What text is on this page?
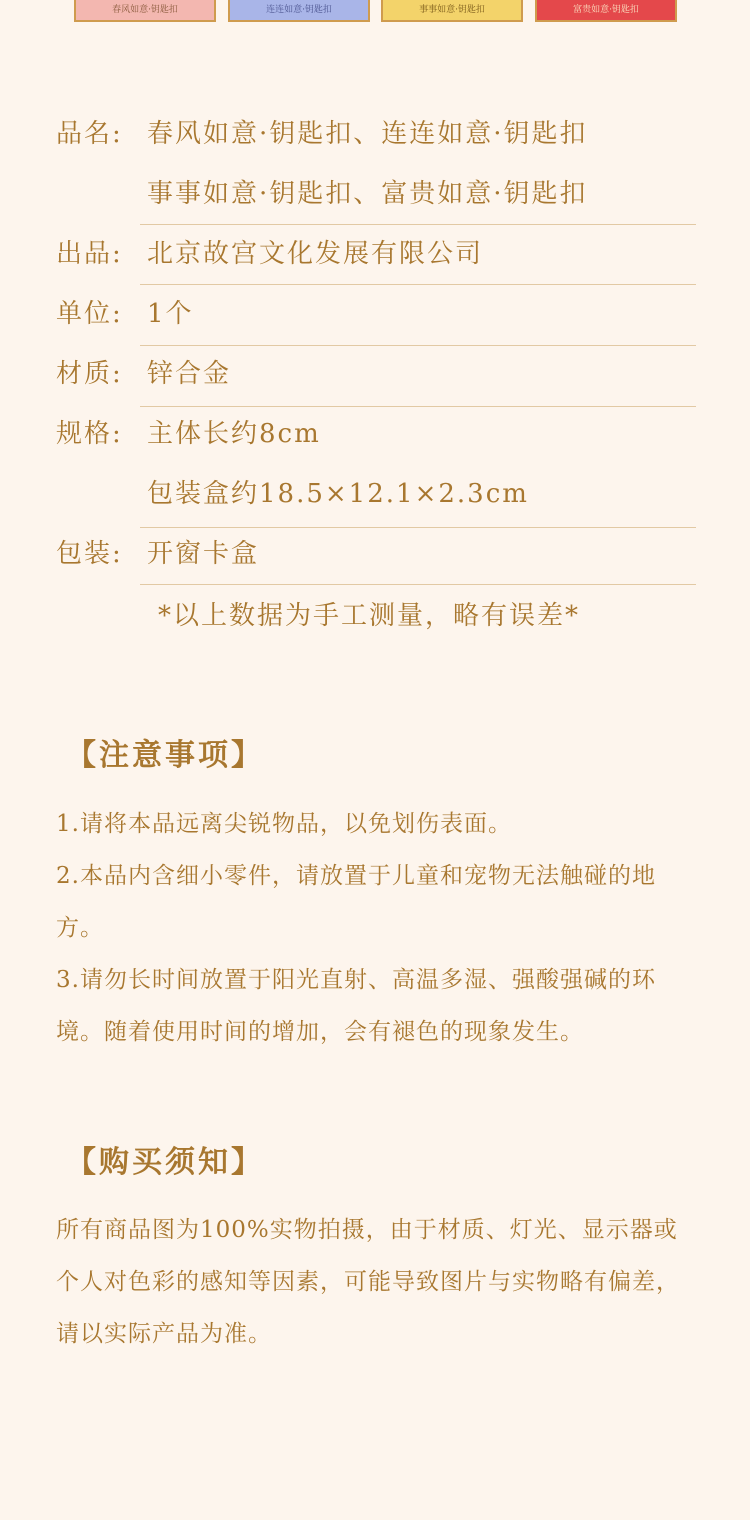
春风如意·钥匙扣	连连如意·钥匙扣	事事如意·钥匙扣	富贵如意·钥匙扣
品名: 春风如意·钥匙扣、连连如意·钥匙扣
事事如意·钥匙扣、富贵如意·钥匙扣
出品: 北京故宫文化发展有限公司
单位: 1个
材质: 锌合金
规格: 主体长约8cm
包装盒约18.5×12.1×2.3cm
包装: 开窗卡盒
*以上数据为手工测量，略有误差*
【注意事项】
1.请将本品远离尖锐物品，以免划伤表面。
2.本品内含细小零件，请放置于儿童和宠物无法触碰的地方。
3.请勿长时间放置于阳光直射、高温多湿、强酸强碱的环境。随着使用时间的增加，会有褪色的现象发生。
【购买须知】
所有商品图为100%实物拍摄，由于材质、灯光、显示器或个人对色彩的感知等因素，可能导致图片与实物略有偏差，请以实际产品为准。
